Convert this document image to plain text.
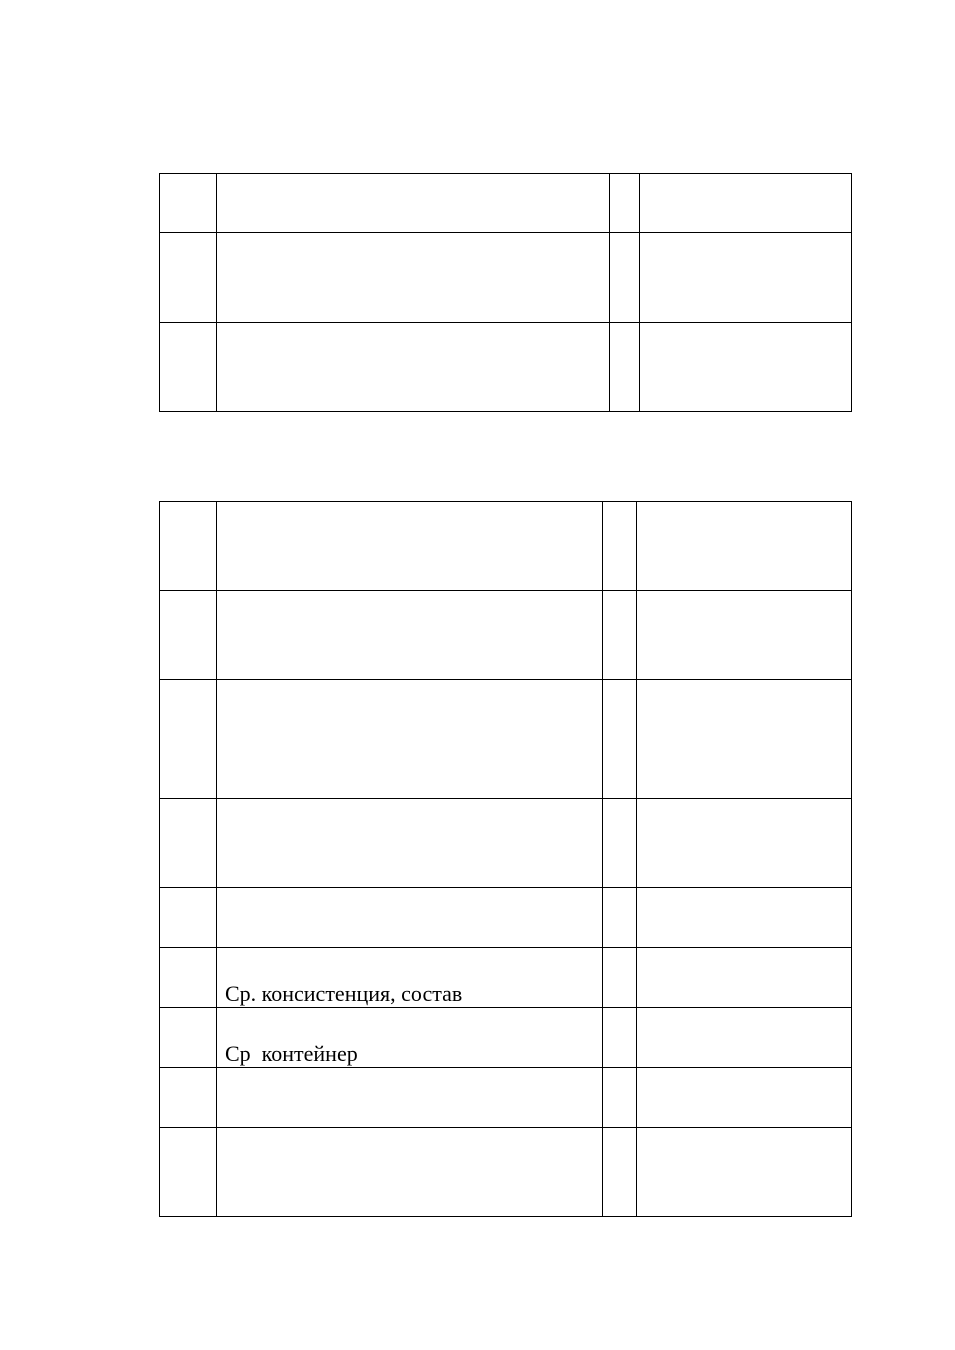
	Ср. консистенция, состав		

	Ср  контейнер		
